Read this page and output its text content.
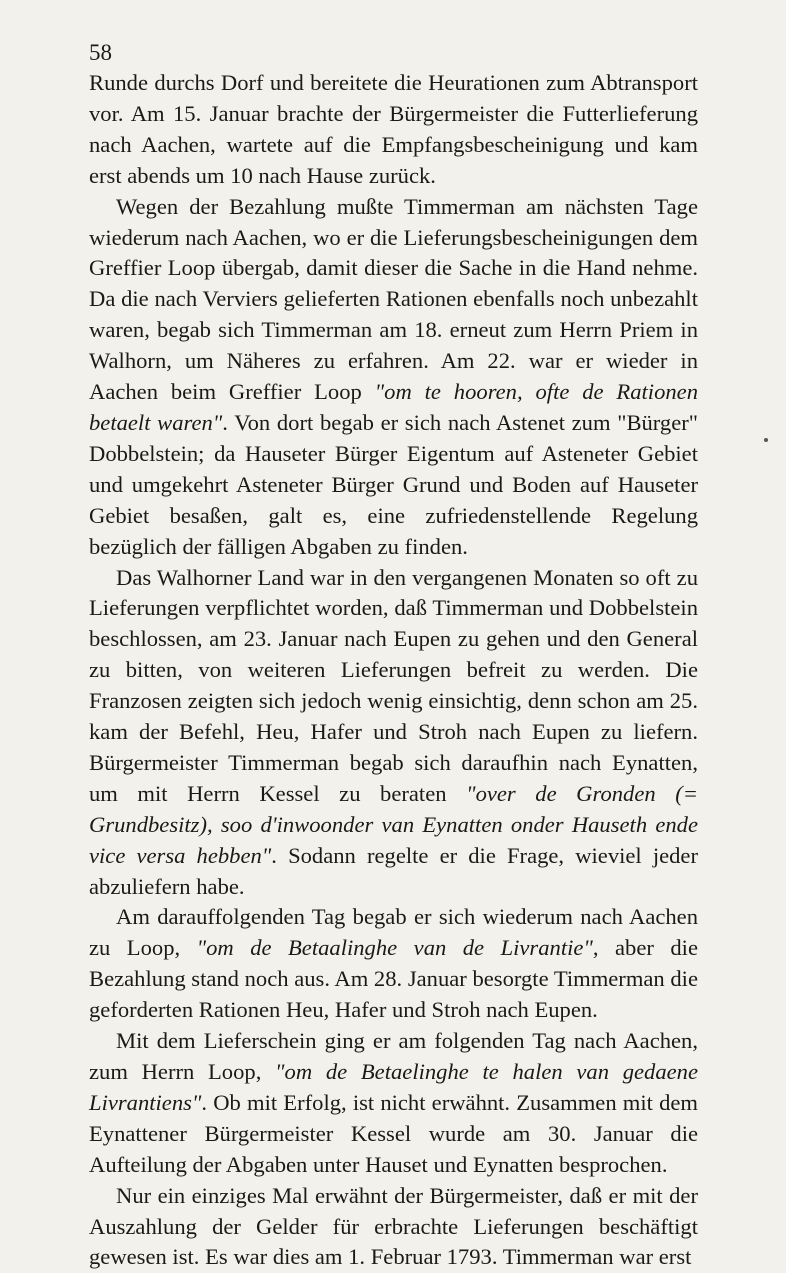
58

Runde durchs Dorf und bereitete die Heurationen zum Abtransport vor. Am 15. Januar brachte der Bürgermeister die Futterlieferung nach Aachen, wartete auf die Empfangsbescheinigung und kam erst abends um 10 nach Hause zurück.

Wegen der Bezahlung mußte Timmerman am nächsten Tage wiederum nach Aachen, wo er die Lieferungsbescheinigungen dem Greffier Loop übergab, damit dieser die Sache in die Hand nehme. Da die nach Verviers gelieferten Rationen ebenfalls noch unbezahlt waren, begab sich Timmerman am 18. erneut zum Herrn Priem in Walhorn, um Näheres zu erfahren. Am 22. war er wieder in Aachen beim Greffier Loop "om te hooren, ofte de Rationen betaelt waren". Von dort begab er sich nach Astenet zum "Bürger" Dobbelstein; da Hauseter Bürger Eigentum auf Asteneter Gebiet und umgekehrt Asteneter Bürger Grund und Boden auf Hauseter Gebiet besaßen, galt es, eine zufriedenstellende Regelung bezüglich der fälligen Abgaben zu finden.

Das Walhorner Land war in den vergangenen Monaten so oft zu Lieferungen verpflichtet worden, daß Timmerman und Dobbelstein beschlossen, am 23. Januar nach Eupen zu gehen und den General zu bitten, von weiteren Lieferungen befreit zu werden. Die Franzosen zeigten sich jedoch wenig einsichtig, denn schon am 25. kam der Befehl, Heu, Hafer und Stroh nach Eupen zu liefern. Bürgermeister Timmerman begab sich daraufhin nach Eynatten, um mit Herrn Kessel zu beraten "over de Gronden (= Grundbesitz), soo d'inwoonder van Eynatten onder Hauseth ende vice versa hebben". Sodann regelte er die Frage, wieviel jeder abzuliefern habe.

Am darauffolgenden Tag begab er sich wiederum nach Aachen zu Loop, "om de Betaalinghe van de Livrantie", aber die Bezahlung stand noch aus. Am 28. Januar besorgte Timmerman die geforderten Rationen Heu, Hafer und Stroh nach Eupen.

Mit dem Lieferschein ging er am folgenden Tag nach Aachen, zum Herrn Loop, "om de Betaelinghe te halen van gedaene Livrantiens". Ob mit Erfolg, ist nicht erwähnt. Zusammen mit dem Eynattener Bürgermeister Kessel wurde am 30. Januar die Aufteilung der Abgaben unter Hauset und Eynatten besprochen.

Nur ein einziges Mal erwähnt der Bürgermeister, daß er mit der Auszahlung der Gelder für erbrachte Lieferungen beschäftigt gewesen ist. Es war dies am 1. Februar 1793. Timmerman war erst
